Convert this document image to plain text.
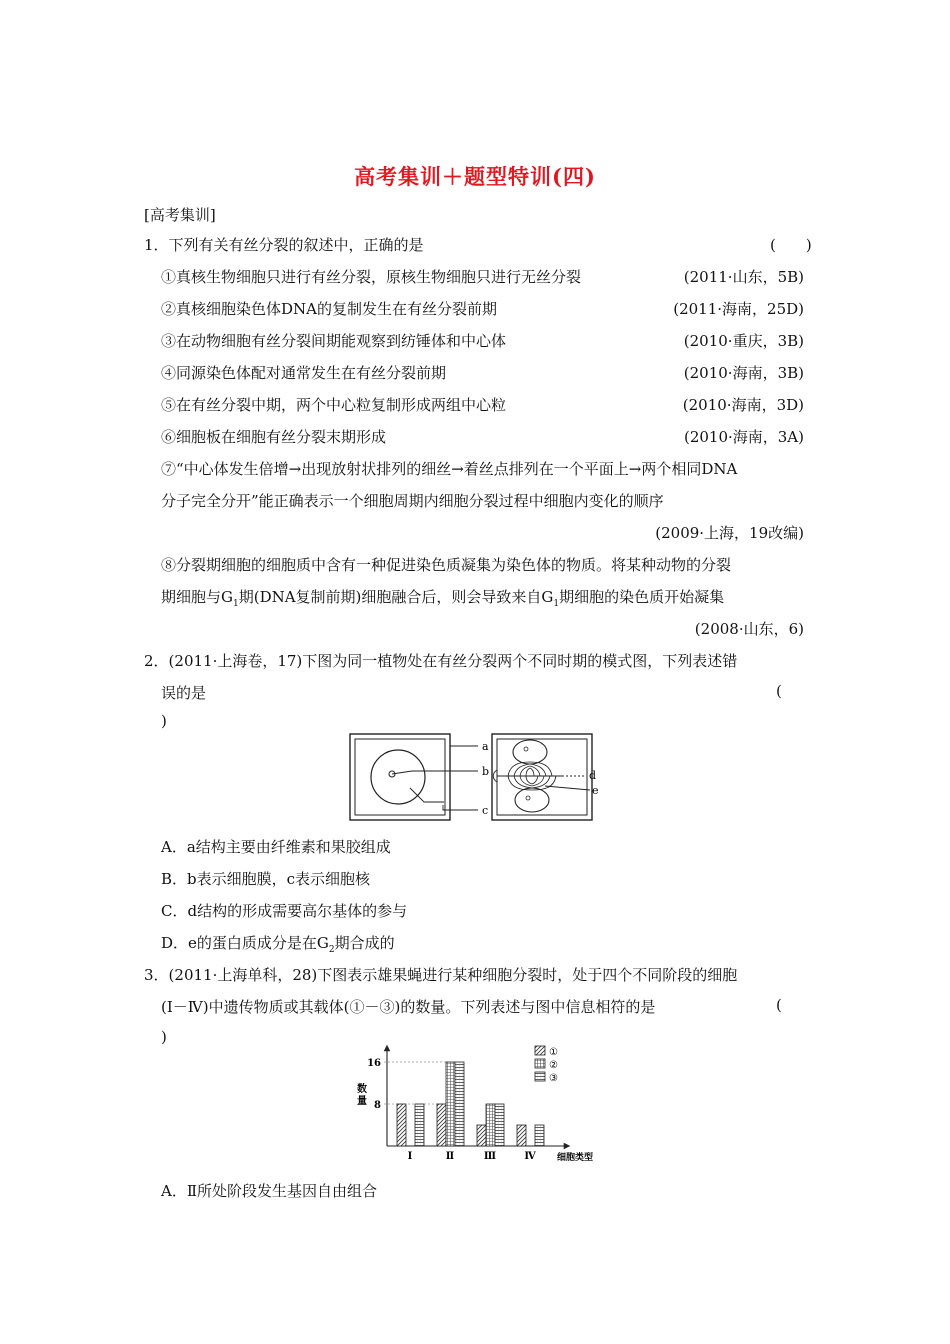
高考集训＋题型特训(四)
[高考集训]
1．下列有关有丝分裂的叙述中，正确的是	(　　)
①真核生物细胞只进行有丝分裂，原核生物细胞只进行无丝分裂	(2011·山东，5B)
②真核细胞染色体DNA的复制发生在有丝分裂前期	(2011·海南，25D)
③在动物细胞有丝分裂间期能观察到纺锤体和中心体	(2010·重庆，3B)
④同源染色体配对通常发生在有丝分裂前期	(2010·海南，3B)
⑤在有丝分裂中期，两个中心粒复制形成两组中心粒	(2010·海南，3D)
⑥细胞板在细胞有丝分裂末期形成	(2010·海南，3A)
⑦“中心体发生倍增→出现放射状排列的细丝→着丝点排列在一个平面上→两个相同DNA
分子完全分开”能正确表示一个细胞周期内细胞分裂过程中细胞内变化的顺序
(2009·上海，19改编)
⑧分裂期细胞的细胞质中含有一种促进染色质凝集为染色体的物质。将某种动物的分裂
期细胞与$G_1$期(DNA复制前期)细胞融合后，则会导致来自$G_1$期细胞的染色质开始凝集
(2008·山东，6)
2．(2011·上海卷，17)下图为同一植物处在有丝分裂两个不同时期的模式图，下列表述错
误的是	(
)
a
b
c
d
e
A．a结构主要由纤维素和果胶组成
B．b表示细胞膜，c表示细胞核
C．d结构的形成需要高尔基体的参与
D．e的蛋白质成分是在$G_2$期合成的
3．(2011·上海单科，28)下图表示雄果蝇进行某种细胞分裂时，处于四个不同阶段的细胞
(Ⅰ－Ⅳ)中遗传物质或其载体(①－③)的数量。下列表述与图中信息相符的是	(
)
8
16
数
量
Ⅰ	Ⅱ	Ⅲ	Ⅳ 细胞类型
①
②
③
A．Ⅱ所处阶段发生基因自由组合
